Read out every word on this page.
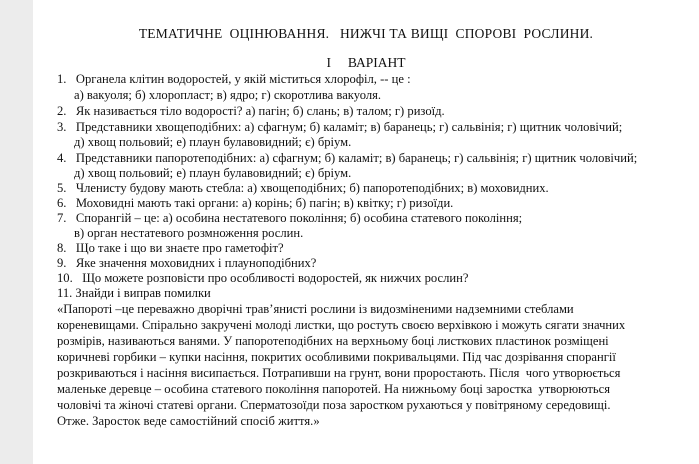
ТЕМАТИЧНЕ  ОЦІНЮВАННЯ.   НИЖЧІ ТА ВИЩІ  СПОРОВІ  РОСЛИНИ.
І     ВАРІАНТ
1.   Органела клітин водоростей, у якій міститься хлорофіл, -- це :
а) вакуоля; б) хлоропласт; в) ядро; г) скоротлива вакуоля.
2.   Як називається тіло водорості? а) пагін; б) слань; в) талом; г) ризоїд.
3.   Представники хвощеподібних: а) сфагнум; б) каламіт; в) баранець; г) сальвінія; г) щитник чоловічий;
д) хвощ польовий; е) плаун булавовидний; є) бріум.
4.   Представники папоротеподібних: а) сфагнум; б) каламіт; в) баранець; г) сальвінія; г) щитник чоловічий;
д) хвощ польовий; е) плаун булавовидний; є) бріум.
5.   Членисту будову мають стебла: а) хвощеподібних; б) папоротеподібних; в) моховидних.
6.   Моховидні мають такі органи: а) корінь; б) пагін; в) квітку; г) ризоїди.
7.   Спорангій – це: а) особина нестатевого покоління; б) особина статевого покоління;
в) орган нестатевого розмноження рослин.
8.   Що таке і що ви знаєте про гаметофіт?
9.   Яке значення моховидних і плауноподібних?
10.   Що можете розповісти про особливості водоростей, як нижчих рослин?
11. Знайди і виправ помилки
«Папороті –це переважно дворічні трав’янисті рослини із видозміненими надземними стеблами
кореневищами. Спірально закручені молоді листки, що ростуть своєю верхівкою і можуть сягати значних
розмірів, називаються ванями. У папоротеподібних на верхньому боці листкових пластинок розміщені
коричневі горбики – купки насіння, покритих особливими покривальцями. Під час дозрівання спорангії
розкриваються і насіння висипається. Потрапивши на грунт, вони проростають. Після  чого утворюється
маленьке деревце – особина статевого покоління папоротей. На нижньому боці заростка  утворюються
чоловічі та жіночі статеві органи. Сперматозоїди поза заростком рухаються у повітряному середовищі.
Отже. Заросток веде самостійний спосіб життя.»
